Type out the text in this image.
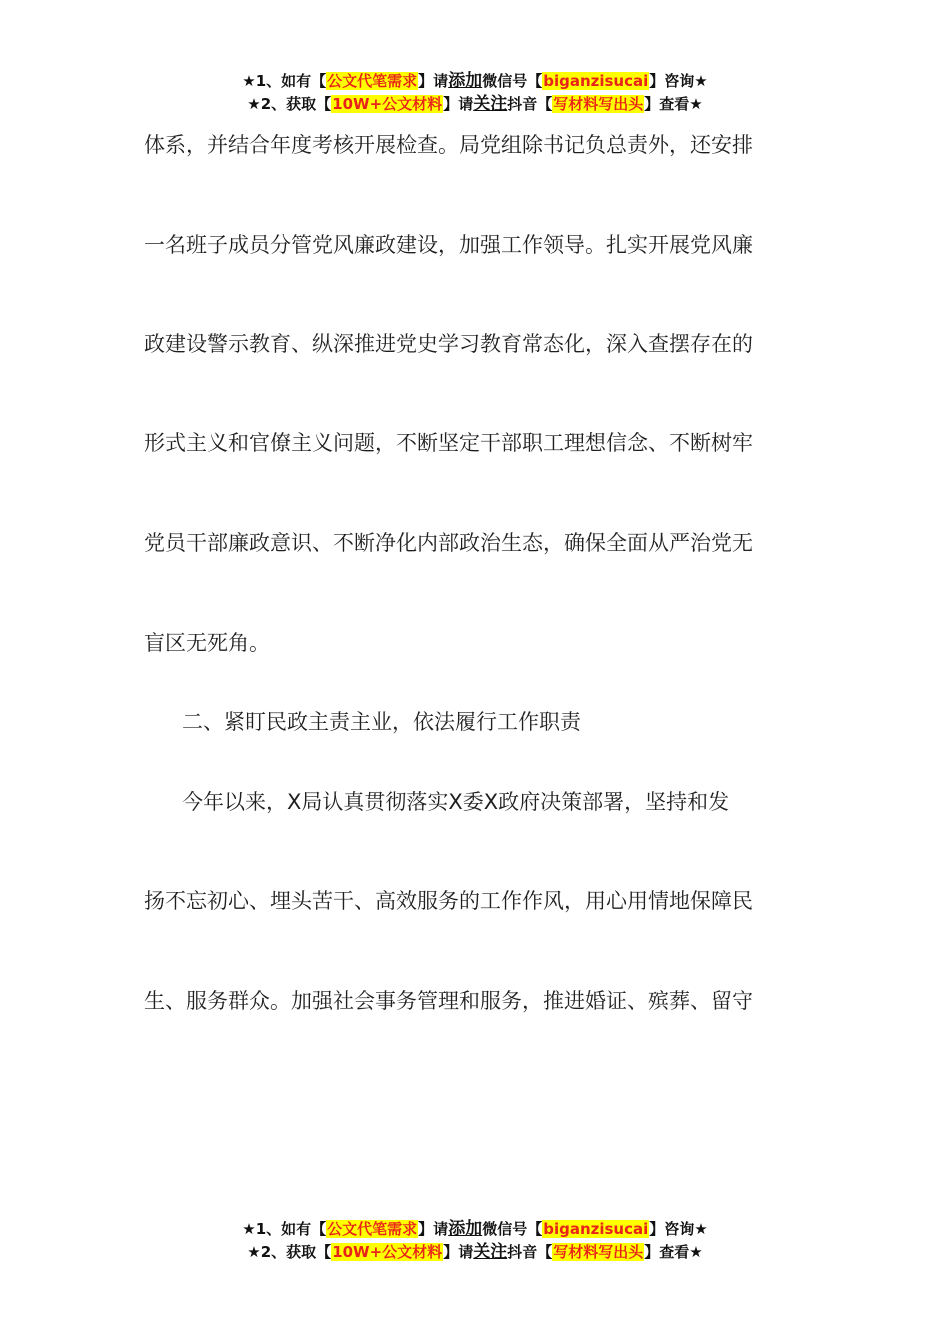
★1、如有【公文代笔需求】请添加微信号【biganzisucai】咨询★
★2、获取【10W+公文材料】请关注抖音【写材料写出头】查看★
体系，并结合年度考核开展检查。局党组除书记负总责外，还安排
一名班子成员分管党风廉政建设，加强工作领导。扎实开展党风廉
政建设警示教育、纵深推进党史学习教育常态化，深入查摆存在的
形式主义和官僚主义问题，不断坚定干部职工理想信念、不断树牢
党员干部廉政意识、不断净化内部政治生态，确保全面从严治党无
盲区无死角。
二、紧盯民政主责主业，依法履行工作职责
今年以来，X局认真贯彻落实X委X政府决策部署，坚持和发
扬不忘初心、埋头苦干、高效服务的工作作风，用心用情地保障民
生、服务群众。加强社会事务管理和服务，推进婚证、殡葬、留守
★1、如有【公文代笔需求】请添加微信号【biganzisucai】咨询★
★2、获取【10W+公文材料】请关注抖音【写材料写出头】查看★
